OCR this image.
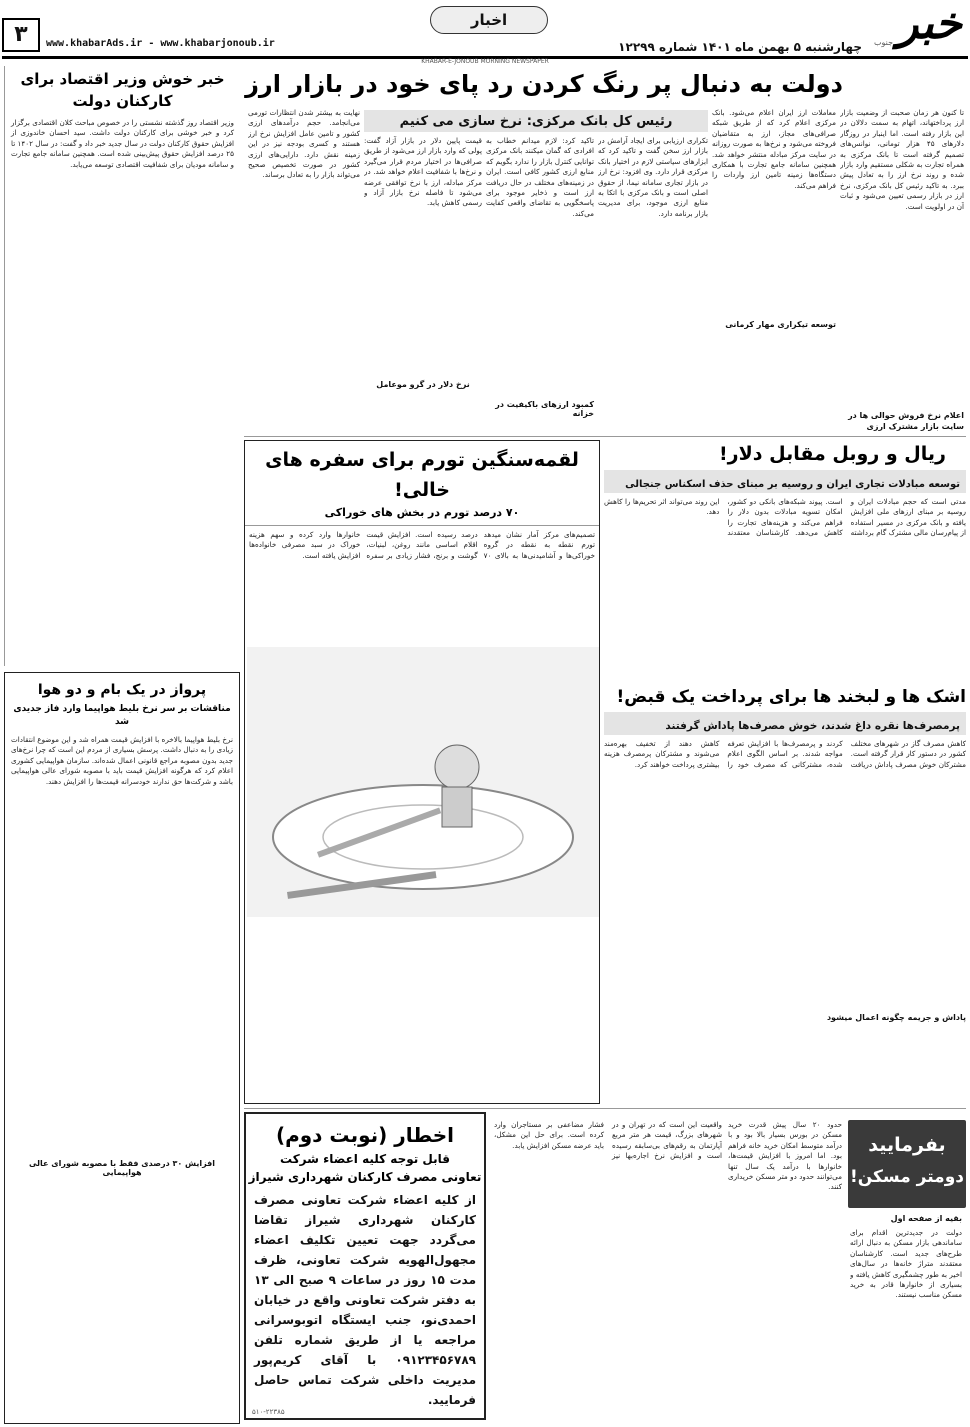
خبر
جنوب
چهارشنبه ۵ بهمن ماه ۱۴۰۱ شماره ۱۲۲۹۹
اخبار
www.khabarAds.ir - www.khabarjonoub.ir
۳
KHABAR-E-JONOUB MORNING NEWSPAPER
دولت به دنبال پر رنگ کردن رد پای خود در بازار ارز
خبر خوش وزیر اقتصاد برای کارکنان دولت
وزیر اقتصاد روز گذشته نشستی را در خصوص مباحث کلان اقتصادی برگزار کرد و خبر خوشی برای کارکنان دولت داشت. سید احسان خاندوزی از افزایش حقوق کارکنان دولت در سال جدید خبر داد و گفت: در سال ۱۴۰۲ تا ۲۵ درصد افزایش حقوق پیش‌بینی شده است. همچنین سامانه جامع تجارت و سامانه مودیان برای شفافیت اقتصادی توسعه می‌یابد.
تا کنون هر زمان صحبت از وضعیت بازار ارز پرداختهاند، اتهام به سمت دلالان در این بازار رفته است. اما اینبار در روزگار دلارهای ۴۵ هزار تومانی، نوانس‌های تصمیم گرفته است تا بانک مرکزی به همراه تجارت به شکلی مستقیم وارد بازار شده و روند نرخ ارز را به تعادل پیش ببرد. به تاکید رئیس کل بانک مرکزی، نرخ ارز در بازار رسمی تعیین می‌شود و ثبات آن در اولویت است.
اعلام نرخ فروش حوالی ها در سایت بازار مشترک ارزی
معاملات ارز ایران اعلام می‌شود. بانک مرکزی اعلام کرد که از طریق شبکه صرافی‌های مجاز، ارز به متقاضیان فروخته می‌شود و نرخ‌ها به صورت روزانه در سایت مرکز مبادله منتشر خواهد شد. همچنین سامانه جامع تجارت با همکاری دستگاه‌ها زمینه تامین ارز واردات را فراهم می‌کند.
توسعه تیکراری مهار کرمانی
رئیس کل بانک مرکزی: نرخ سازی می کنیم
تکراری ارزیابی برای ایجاد آرامش در بازار ارز سخن گفت و تاکید کرد که ابزارهای سیاستی لازم در اختیار بانک مرکزی قرار دارد. وی افزود: نرخ ارز در بازار تجاری سامانه نیما، از حقوق اصلی است و بانک مرکزی با اتکا به منابع ارزی موجود، برای مدیریت بازار برنامه دارد.
تاکید کرد: لازم میدانم خطاب به افرادی که گمان میکنند بانک مرکزی توانایی کنترل بازار را ندارد بگویم که منابع ارزی کشور کافی است. ایران در زمینه‌های مختلف در حال دریافت ارز است و ذخایر موجود برای پاسخگویی به تقاضای واقعی کفایت می‌کند.
کمبود ارزهای باکیفیت در خزانه
قیمت پایین دلار در بازار آزاد گفت: پولی که وارد بازار ارز می‌شود از طریق صرافی‌ها در اختیار مردم قرار می‌گیرد و نرخ‌ها با شفافیت اعلام خواهد شد. در مرکز مبادله، ارز با نرخ توافقی عرضه می‌شود تا فاصله نرخ بازار آزاد و رسمی کاهش یابد.
نرخ دلار در گرو موعامل
نهایت به بیشتر شدن انتظارات تورمی می‌انجامد. حجم درآمدهای ارزی کشور و تامین عامل افزایش نرخ ارز هستند و کسری بودجه نیز در این زمینه نقش دارد. دارایی‌های ارزی کشور در صورت تخصیص صحیح می‌تواند بازار را به تعادل برساند.
ریال و روبل مقابل دلار!
توسعه مبادلات تجاری ایران و روسیه بر مبنای حذف اسکناس جنجالی
مدتی است که حجم مبادلات ایران و روسیه بر مبنای ارزهای ملی افزایش یافته و بانک مرکزی در مسیر استفاده از پیام‌رسان مالی مشترک گام برداشته است. پیوند شبکه‌های بانکی دو کشور، امکان تسویه مبادلات بدون دلار را فراهم می‌کند و هزینه‌های تجارت را کاهش می‌دهد. کارشناسان معتقدند این روند می‌تواند اثر تحریم‌ها را کاهش دهد.
اشک ها و لبخند ها برای پرداخت یک قبض!
پرمصرف‌ها نقره داغ شدند، خوش مصرف‌ها پاداش گرفتند
کاهش مصرف گاز در شهرهای مختلف کشور در دستور کار قرار گرفته است. مشترکان خوش مصرف پاداش دریافت کردند و پرمصرف‌ها با افزایش تعرفه مواجه شدند. بر اساس الگوی اعلام شده، مشترکانی که مصرف خود را کاهش دهند از تخفیف بهره‌مند می‌شوند و مشترکان پرمصرف هزینه بیشتری پرداخت خواهند کرد.
پاداش و جریمه چگونه اعمال میشود
لقمه‌سنگین تورم برای سفره های خالی!
۷۰ درصد تورم در بخش های خوراکی
تصمیم‌های مرکز آمار نشان میدهد تورم نقطه به نقطه در گروه خوراکی‌ها و آشامیدنی‌ها به بالای ۷۰ درصد رسیده است. افزایش قیمت اقلام اساسی مانند روغن، لبنیات، گوشت و برنج، فشار زیادی بر سفره خانوارها وارد کرده و سهم هزینه خوراک در سبد مصرفی خانواده‌ها افزایش یافته است.
پرواز در یک بام و دو هوا
مناقشات بر سر نرخ بلیط هواپیما وارد فاز جدیدی شد
نرخ بلیط هواپیما بالاخره با افزایش قیمت همراه شد و این موضوع انتقادات زیادی را به دنبال داشت. پرسش بسیاری از مردم این است که چرا نرخ‌های جدید بدون مصوبه مراجع قانونی اعمال شده‌اند. سازمان هواپیمایی کشوری اعلام کرد که هرگونه افزایش قیمت باید با مصوبه شورای عالی هواپیمایی باشد و شرکت‌ها حق ندارند خودسرانه قیمت‌ها را افزایش دهند.
افزایش ۳۰ درصدی فقط با مصوبه شورای عالی هواپیمایی
اخطار (نوبت دوم)
قابل توجه کلیه اعضاء شرکت
تعاونی مصرف کارکنان شهرداری شیراز
از کلیه اعضاء شرکت تعاونی مصرف کارکنان شهرداری شیراز تقاضا می‌گردد جهت تعیین تکلیف اعضاء مجهول‌الهویه شرکت تعاونی، ظرف مدت ۱۵ روز در ساعات ۹ صبح الی ۱۳ به دفتر شرکت تعاونی واقع در خیابان احمدی‌نو، جنب ایستگاه اتوبوسرانی مراجعه یا از طریق شماره تلفن ۰۹۱۲۳۴۵۶۷۸۹ با آقای کریم‌پور مدیریت داخلی شرکت تماس حاصل فرمایید.
۵۱۰-۲۲۳۸۵
بفرمایید
دومتر مسکن!
بقیه از صفحه اول
دولت در جدیدترین اقدام برای ساماندهی بازار مسکن به دنبال ارائه طرح‌های جدید است. کارشناسان معتقدند متراژ خانه‌ها در سال‌های اخیر به طور چشمگیری کاهش یافته و بسیاری از خانوارها قادر به خرید مسکن مناسب نیستند.
حدود ۲۰ سال پیش قدرت خرید مسکن در بورس بسیار بالا بود و با درآمد متوسط امکان خرید خانه فراهم بود. اما امروز با افزایش قیمت‌ها، خانوارها با درآمد یک سال تنها می‌توانند حدود دو متر مسکن خریداری کنند.
واقعیت این است که در تهران و در شهرهای بزرگ، قیمت هر متر مربع آپارتمان به رقم‌های بی‌سابقه رسیده است و افزایش نرخ اجاره‌بها نیز فشار مضاعفی بر مستاجران وارد کرده است. برای حل این مشکل، باید عرضه مسکن افزایش یابد.
